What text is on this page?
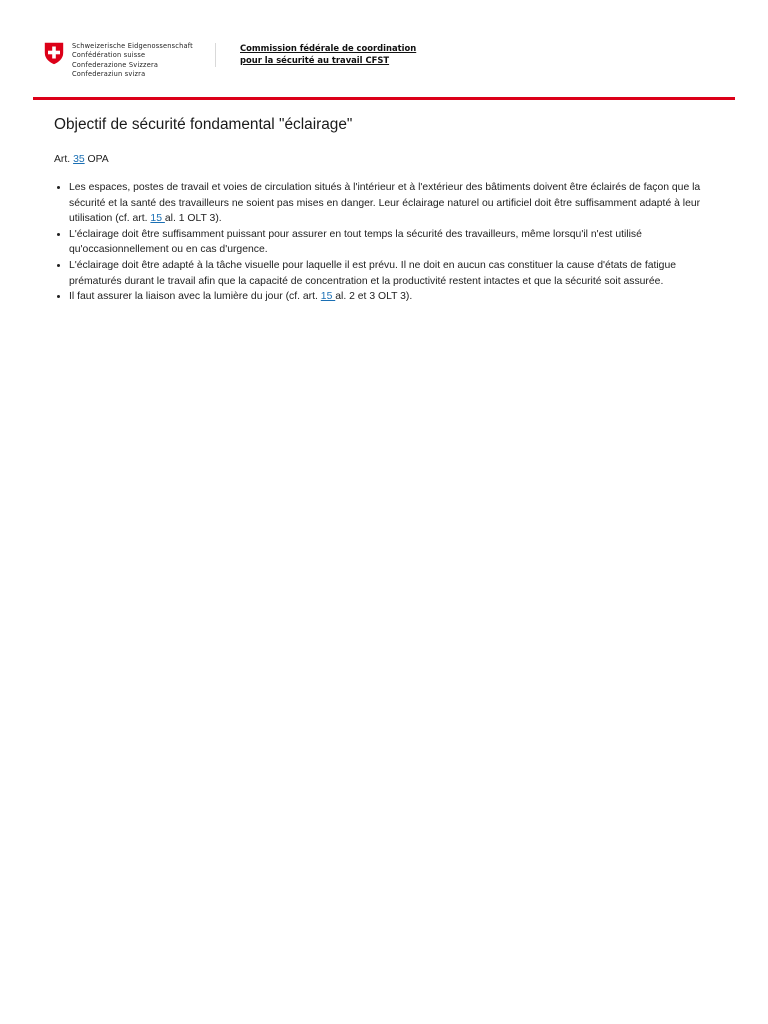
Schweizerische Eidgenossenschaft
Confédération suisse
Confederazione Svizzera
Confederaziun svizra
Commission fédérale de coordination
pour la sécurité au travail CFST
Objectif de sécurité fondamental "éclairage"

Art. 35 OPA

• Les espaces, postes de travail et voies de circulation situés à l'intérieur et à l'extérieur des bâtiments doivent être éclairés de façon que la sécurité et la santé des travailleurs ne soient pas mises en danger. Leur éclairage naturel ou artificiel doit être suffisamment adapté à leur utilisation (cf. art. 15 al. 1 OLT 3).
• L'éclairage doit être suffisamment puissant pour assurer en tout temps la sécurité des travailleurs, même lorsqu'il n'est utilisé qu'occasionnellement ou en cas d'urgence.
• L'éclairage doit être adapté à la tâche visuelle pour laquelle il est prévu. Il ne doit en aucun cas constituer la cause d'états de fatigue prématurés durant le travail afin que la capacité de concentration et la productivité restent intactes et que la sécurité soit assurée.
• Il faut assurer la liaison avec la lumière du jour (cf. art. 15 al. 2 et 3 OLT 3).
